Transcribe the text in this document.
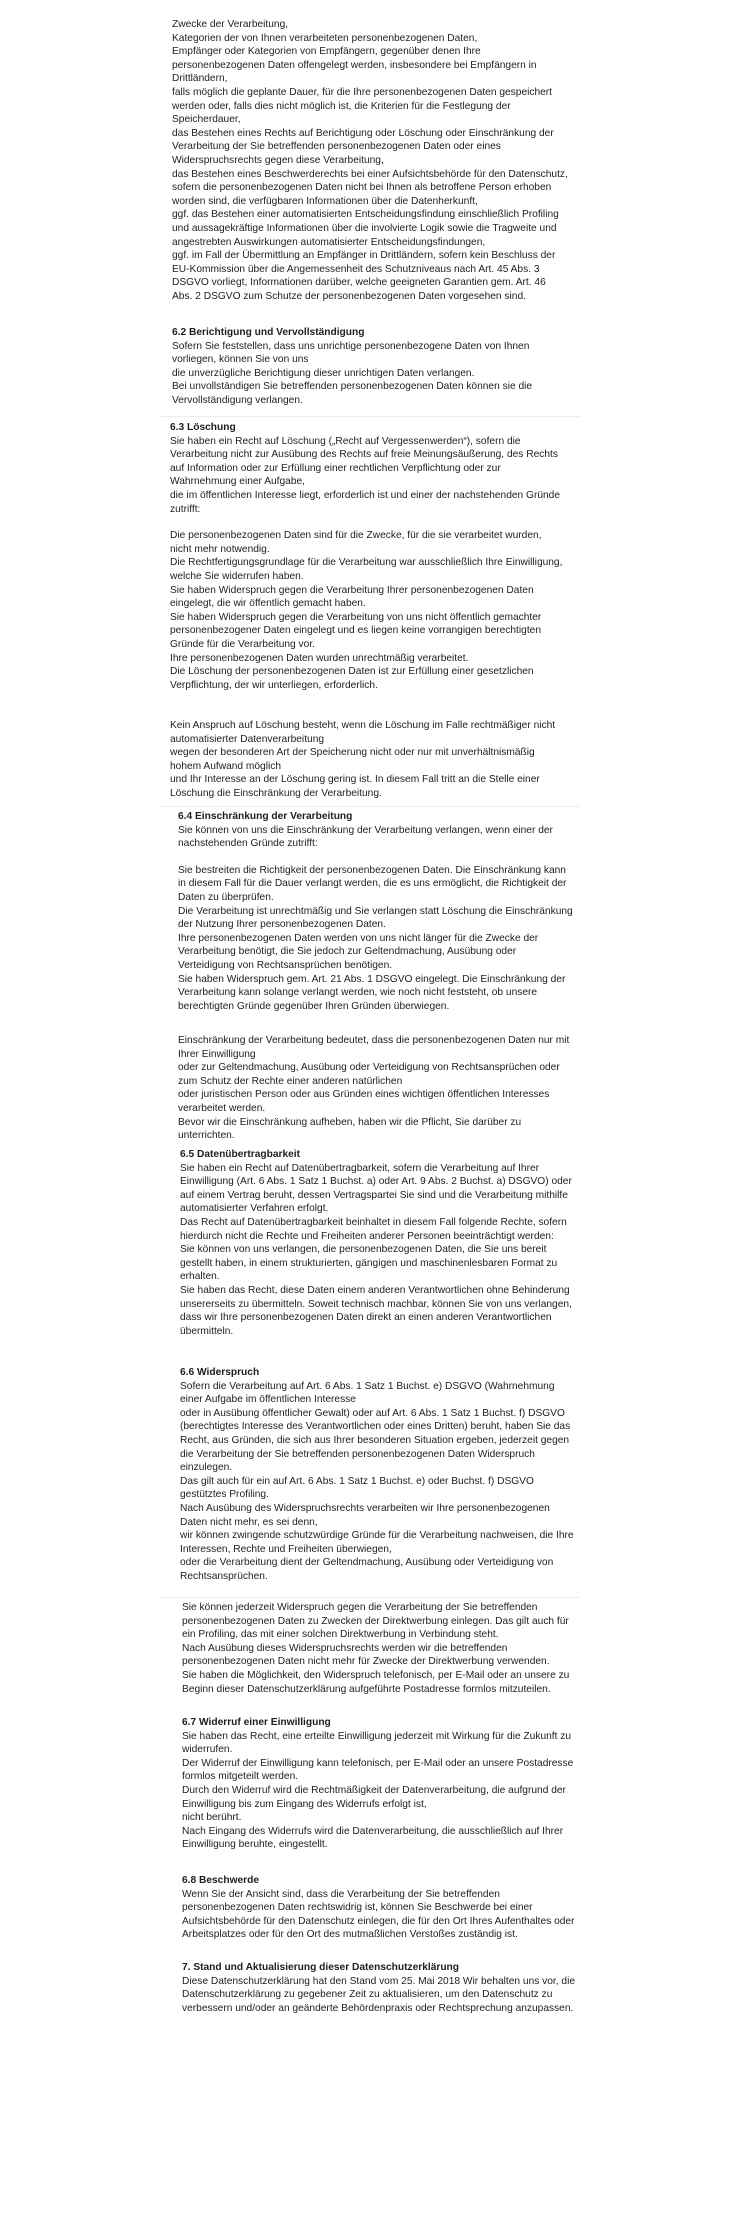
Zwecke der Verarbeitung,
Kategorien der von Ihnen verarbeiteten personenbezogenen Daten,
Empfänger oder Kategorien von Empfängern, gegenüber denen Ihre
personenbezogenen Daten offengelegt werden, insbesondere bei Empfängern in
Drittländern,
falls möglich die geplante Dauer, für die Ihre personenbezogenen Daten gespeichert
werden oder, falls dies nicht möglich ist, die Kriterien für die Festlegung der
Speicherdauer,
das Bestehen eines Rechts auf Berichtigung oder Löschung oder Einschränkung der
Verarbeitung der Sie betreffenden personenbezogenen Daten oder eines
Widerspruchsrechts gegen diese Verarbeitung,
das Bestehen eines Beschwerderechts bei einer Aufsichtsbehörde für den Datenschutz,
sofern die personenbezogenen Daten nicht bei Ihnen als betroffene Person erhoben
worden sind, die verfügbaren Informationen über die Datenherkunft,
ggf. das Bestehen einer automatisierten Entscheidungsfindung einschließlich Profiling
und aussagekräftige Informationen über die involvierte Logik sowie die Tragweite und
angestrebten Auswirkungen automatisierter Entscheidungsfindungen,
ggf. im Fall der Übermittlung an Empfänger in Drittländern, sofern kein Beschluss der
EU-Kommission über die Angemessenheit des Schutzniveaus nach Art. 45 Abs. 3
DSGVO vorliegt, Informationen darüber, welche geeigneten Garantien gem. Art. 46
Abs. 2 DSGVO zum Schutze der personenbezogenen Daten vorgesehen sind.
6.2 Berichtigung und Vervollständigung
Sofern Sie feststellen, dass uns unrichtige personenbezogene Daten von Ihnen
vorliegen, können Sie von uns
die unverzügliche Berichtigung dieser unrichtigen Daten verlangen.
Bei unvollständigen Sie betreffenden personenbezogenen Daten können sie die
Vervollständigung verlangen.
6.3 Löschung
Sie haben ein Recht auf Löschung („Recht auf Vergessenwerden“), sofern die
Verarbeitung nicht zur Ausübung des Rechts auf freie Meinungsäußerung, des Rechts
auf Information oder zur Erfüllung einer rechtlichen Verpflichtung oder zur
Wahrnehmung einer Aufgabe,
die im öffentlichen Interesse liegt, erforderlich ist und einer der nachstehenden Gründe
zutrifft:
Die personenbezogenen Daten sind für die Zwecke, für die sie verarbeitet wurden,
nicht mehr notwendig.
Die Rechtfertigungsgrundlage für die Verarbeitung war ausschließlich Ihre Einwilligung,
welche Sie widerrufen haben.
Sie haben Widerspruch gegen die Verarbeitung Ihrer personenbezogenen Daten
eingelegt, die wir öffentlich gemacht haben.
Sie haben Widerspruch gegen die Verarbeitung von uns nicht öffentlich gemachter
personenbezogener Daten eingelegt und es liegen keine vorrangigen berechtigten
Gründe für die Verarbeitung vor.
Ihre personenbezogenen Daten wurden unrechtmäßig verarbeitet.
Die Löschung der personenbezogenen Daten ist zur Erfüllung einer gesetzlichen
Verpflichtung, der wir unterliegen, erforderlich.
Kein Anspruch auf Löschung besteht, wenn die Löschung im Falle rechtmäßiger nicht
automatisierter Datenverarbeitung
wegen der besonderen Art der Speicherung nicht oder nur mit unverhältnismäßig
hohem Aufwand möglich
und Ihr Interesse an der Löschung gering ist. In diesem Fall tritt an die Stelle einer
Löschung die Einschränkung der Verarbeitung.
6.4 Einschränkung der Verarbeitung
Sie können von uns die Einschränkung der Verarbeitung verlangen, wenn einer der
nachstehenden Gründe zutrifft:
Sie bestreiten die Richtigkeit der personenbezogenen Daten. Die Einschränkung kann
in diesem Fall für die Dauer verlangt werden, die es uns ermöglicht, die Richtigkeit der
Daten zu überprüfen.
Die Verarbeitung ist unrechtmäßig und Sie verlangen statt Löschung die Einschränkung
der Nutzung Ihrer personenbezogenen Daten.
Ihre personenbezogenen Daten werden von uns nicht länger für die Zwecke der
Verarbeitung benötigt, die Sie jedoch zur Geltendmachung, Ausübung oder
Verteidigung von Rechtsansprüchen benötigen.
Sie haben Widerspruch gem. Art. 21 Abs. 1 DSGVO eingelegt. Die Einschränkung der
Verarbeitung kann solange verlangt werden, wie noch nicht feststeht, ob unsere
berechtigten Gründe gegenüber Ihren Gründen überwiegen.
Einschränkung der Verarbeitung bedeutet, dass die personenbezogenen Daten nur mit
Ihrer Einwilligung
oder zur Geltendmachung, Ausübung oder Verteidigung von Rechtsansprüchen oder
zum Schutz der Rechte einer anderen natürlichen
oder juristischen Person oder aus Gründen eines wichtigen öffentlichen Interesses
verarbeitet werden.
Bevor wir die Einschränkung aufheben, haben wir die Pflicht, Sie darüber zu
unterrichten.
6.5 Datenübertragbarkeit
Sie haben ein Recht auf Datenübertragbarkeit, sofern die Verarbeitung auf Ihrer
Einwilligung (Art. 6 Abs. 1 Satz 1 Buchst. a) oder Art. 9 Abs. 2 Buchst. a) DSGVO) oder
auf einem Vertrag beruht, dessen Vertragspartei Sie sind und die Verarbeitung mithilfe
automatisierter Verfahren erfolgt.
Das Recht auf Datenübertragbarkeit beinhaltet in diesem Fall folgende Rechte, sofern
hierdurch nicht die Rechte und Freiheiten anderer Personen beeinträchtigt werden:
Sie können von uns verlangen, die personenbezogenen Daten, die Sie uns bereit
gestellt haben, in einem strukturierten, gängigen und maschinenlesbaren Format zu
erhalten.
Sie haben das Recht, diese Daten einem anderen Verantwortlichen ohne Behinderung
unsererseits zu übermitteln. Soweit technisch machbar, können Sie von uns verlangen,
dass wir Ihre personenbezogenen Daten direkt an einen anderen Verantwortlichen
übermitteln.
6.6 Widerspruch
Sofern die Verarbeitung auf Art. 6 Abs. 1 Satz 1 Buchst. e) DSGVO (Wahrnehmung
einer Aufgabe im öffentlichen Interesse
oder in Ausübung öffentlicher Gewalt) oder auf Art. 6 Abs. 1 Satz 1 Buchst. f) DSGVO
(berechtigtes Interesse des Verantwortlichen oder eines Dritten) beruht, haben Sie das
Recht, aus Gründen, die sich aus Ihrer besonderen Situation ergeben, jederzeit gegen
die Verarbeitung der Sie betreffenden personenbezogenen Daten Widerspruch
einzulegen.
Das gilt auch für ein auf Art. 6 Abs. 1 Satz 1 Buchst. e) oder Buchst. f) DSGVO
gestütztes Profiling.
Nach Ausübung des Widerspruchsrechts verarbeiten wir Ihre personenbezogenen
Daten nicht mehr, es sei denn,
wir können zwingende schutzwürdige Gründe für die Verarbeitung nachweisen, die Ihre
Interessen, Rechte und Freiheiten überwiegen,
oder die Verarbeitung dient der Geltendmachung, Ausübung oder Verteidigung von
Rechtsansprüchen.
Sie können jederzeit Widerspruch gegen die Verarbeitung der Sie betreffenden
personenbezogenen Daten zu Zwecken der Direktwerbung einlegen. Das gilt auch für
ein Profiling, das mit einer solchen Direktwerbung in Verbindung steht.
Nach Ausübung dieses Widerspruchsrechts werden wir die betreffenden
personenbezogenen Daten nicht mehr für Zwecke der Direktwerbung verwenden.
Sie haben die Möglichkeit, den Widerspruch telefonisch, per E-Mail oder an unsere zu
Beginn dieser Datenschutzerklärung aufgeführte Postadresse formlos mitzuteilen.
6.7 Widerruf einer Einwilligung
Sie haben das Recht, eine erteilte Einwilligung jederzeit mit Wirkung für die Zukunft zu
widerrufen.
Der Widerruf der Einwilligung kann telefonisch, per E-Mail oder an unsere Postadresse
formlos mitgeteilt werden.
Durch den Widerruf wird die Rechtmäßigkeit der Datenverarbeitung, die aufgrund der
Einwilligung bis zum Eingang des Widerrufs erfolgt ist,
nicht berührt.
Nach Eingang des Widerrufs wird die Datenverarbeitung, die ausschließlich auf Ihrer
Einwilligung beruhte, eingestellt.
6.8 Beschwerde
Wenn Sie der Ansicht sind, dass die Verarbeitung der Sie betreffenden
personenbezogenen Daten rechtswidrig ist, können Sie Beschwerde bei einer
Aufsichtsbehörde für den Datenschutz einlegen, die für den Ort Ihres Aufenthaltes oder
Arbeitsplatzes oder für den Ort des mutmaßlichen Verstoßes zuständig ist.
7. Stand und Aktualisierung dieser Datenschutzerklärung
Diese Datenschutzerklärung hat den Stand vom 25. Mai 2018 Wir behalten uns vor, die
Datenschutzerklärung zu gegebener Zeit zu aktualisieren, um den Datenschutz zu
verbessern und/oder an geänderte Behördenpraxis oder Rechtsprechung anzupassen.
